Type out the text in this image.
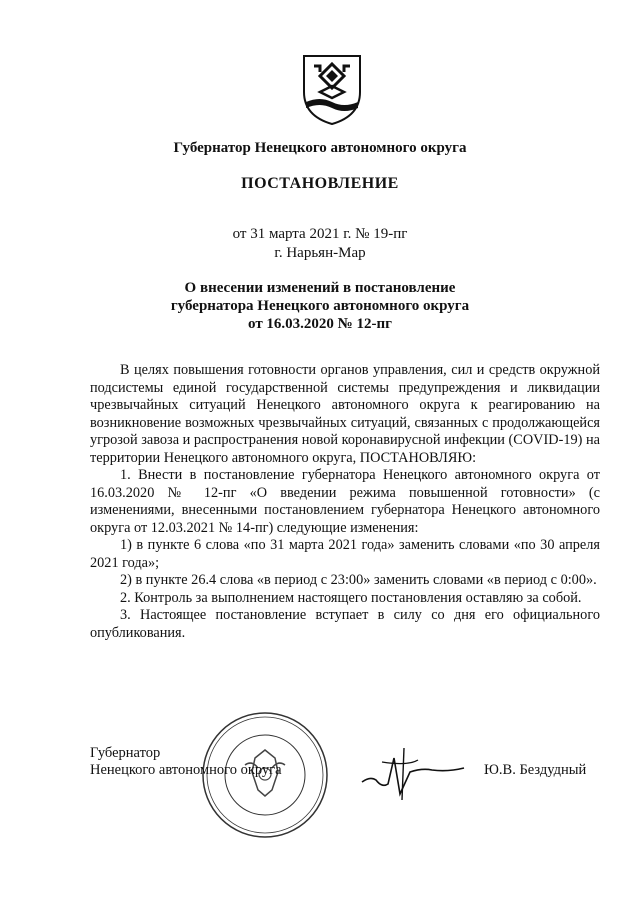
Губернатор Ненецкого автономного округа
ПОСТАНОВЛЕНИЕ
от 31 марта 2021 г. № 19-пг
г. Нарьян-Мар
О внесении изменений в постановление
губернатора Ненецкого автономного округа
от 16.03.2020 № 12-пг

В целях повышения готовности органов управления, сил и средств окружной подсистемы единой государственной системы предупреждения и ликвидации чрезвычайных ситуаций Ненецкого автономного округа к реагированию на возникновение возможных чрезвычайных ситуаций, связанных с продолжающейся угрозой завоза и распространения новой коронавирусной инфекции (COVID-19) на территории Ненецкого автономного округа, ПОСТАНОВЛЯЮ:

1. Внести в постановление губернатора Ненецкого автономного округа от 16.03.2020 № 12-пг «О введении режима повышенной готовности» (с изменениями, внесенными постановлением губернатора Ненецкого автономного округа от 12.03.2021 № 14-пг) следующие изменения:

1) в пункте 6 слова «по 31 марта 2021 года» заменить словами «по 30 апреля 2021 года»;

2) в пункте 26.4 слова «в период с 23:00» заменить словами «в период с 0:00».

2. Контроль за выполнением настоящего постановления оставляю за собой.

3. Настоящее постановление вступает в силу со дня его официального опубликования.

Губернатор
Ненецкого автономного округа	Ю.В. Бездудный
